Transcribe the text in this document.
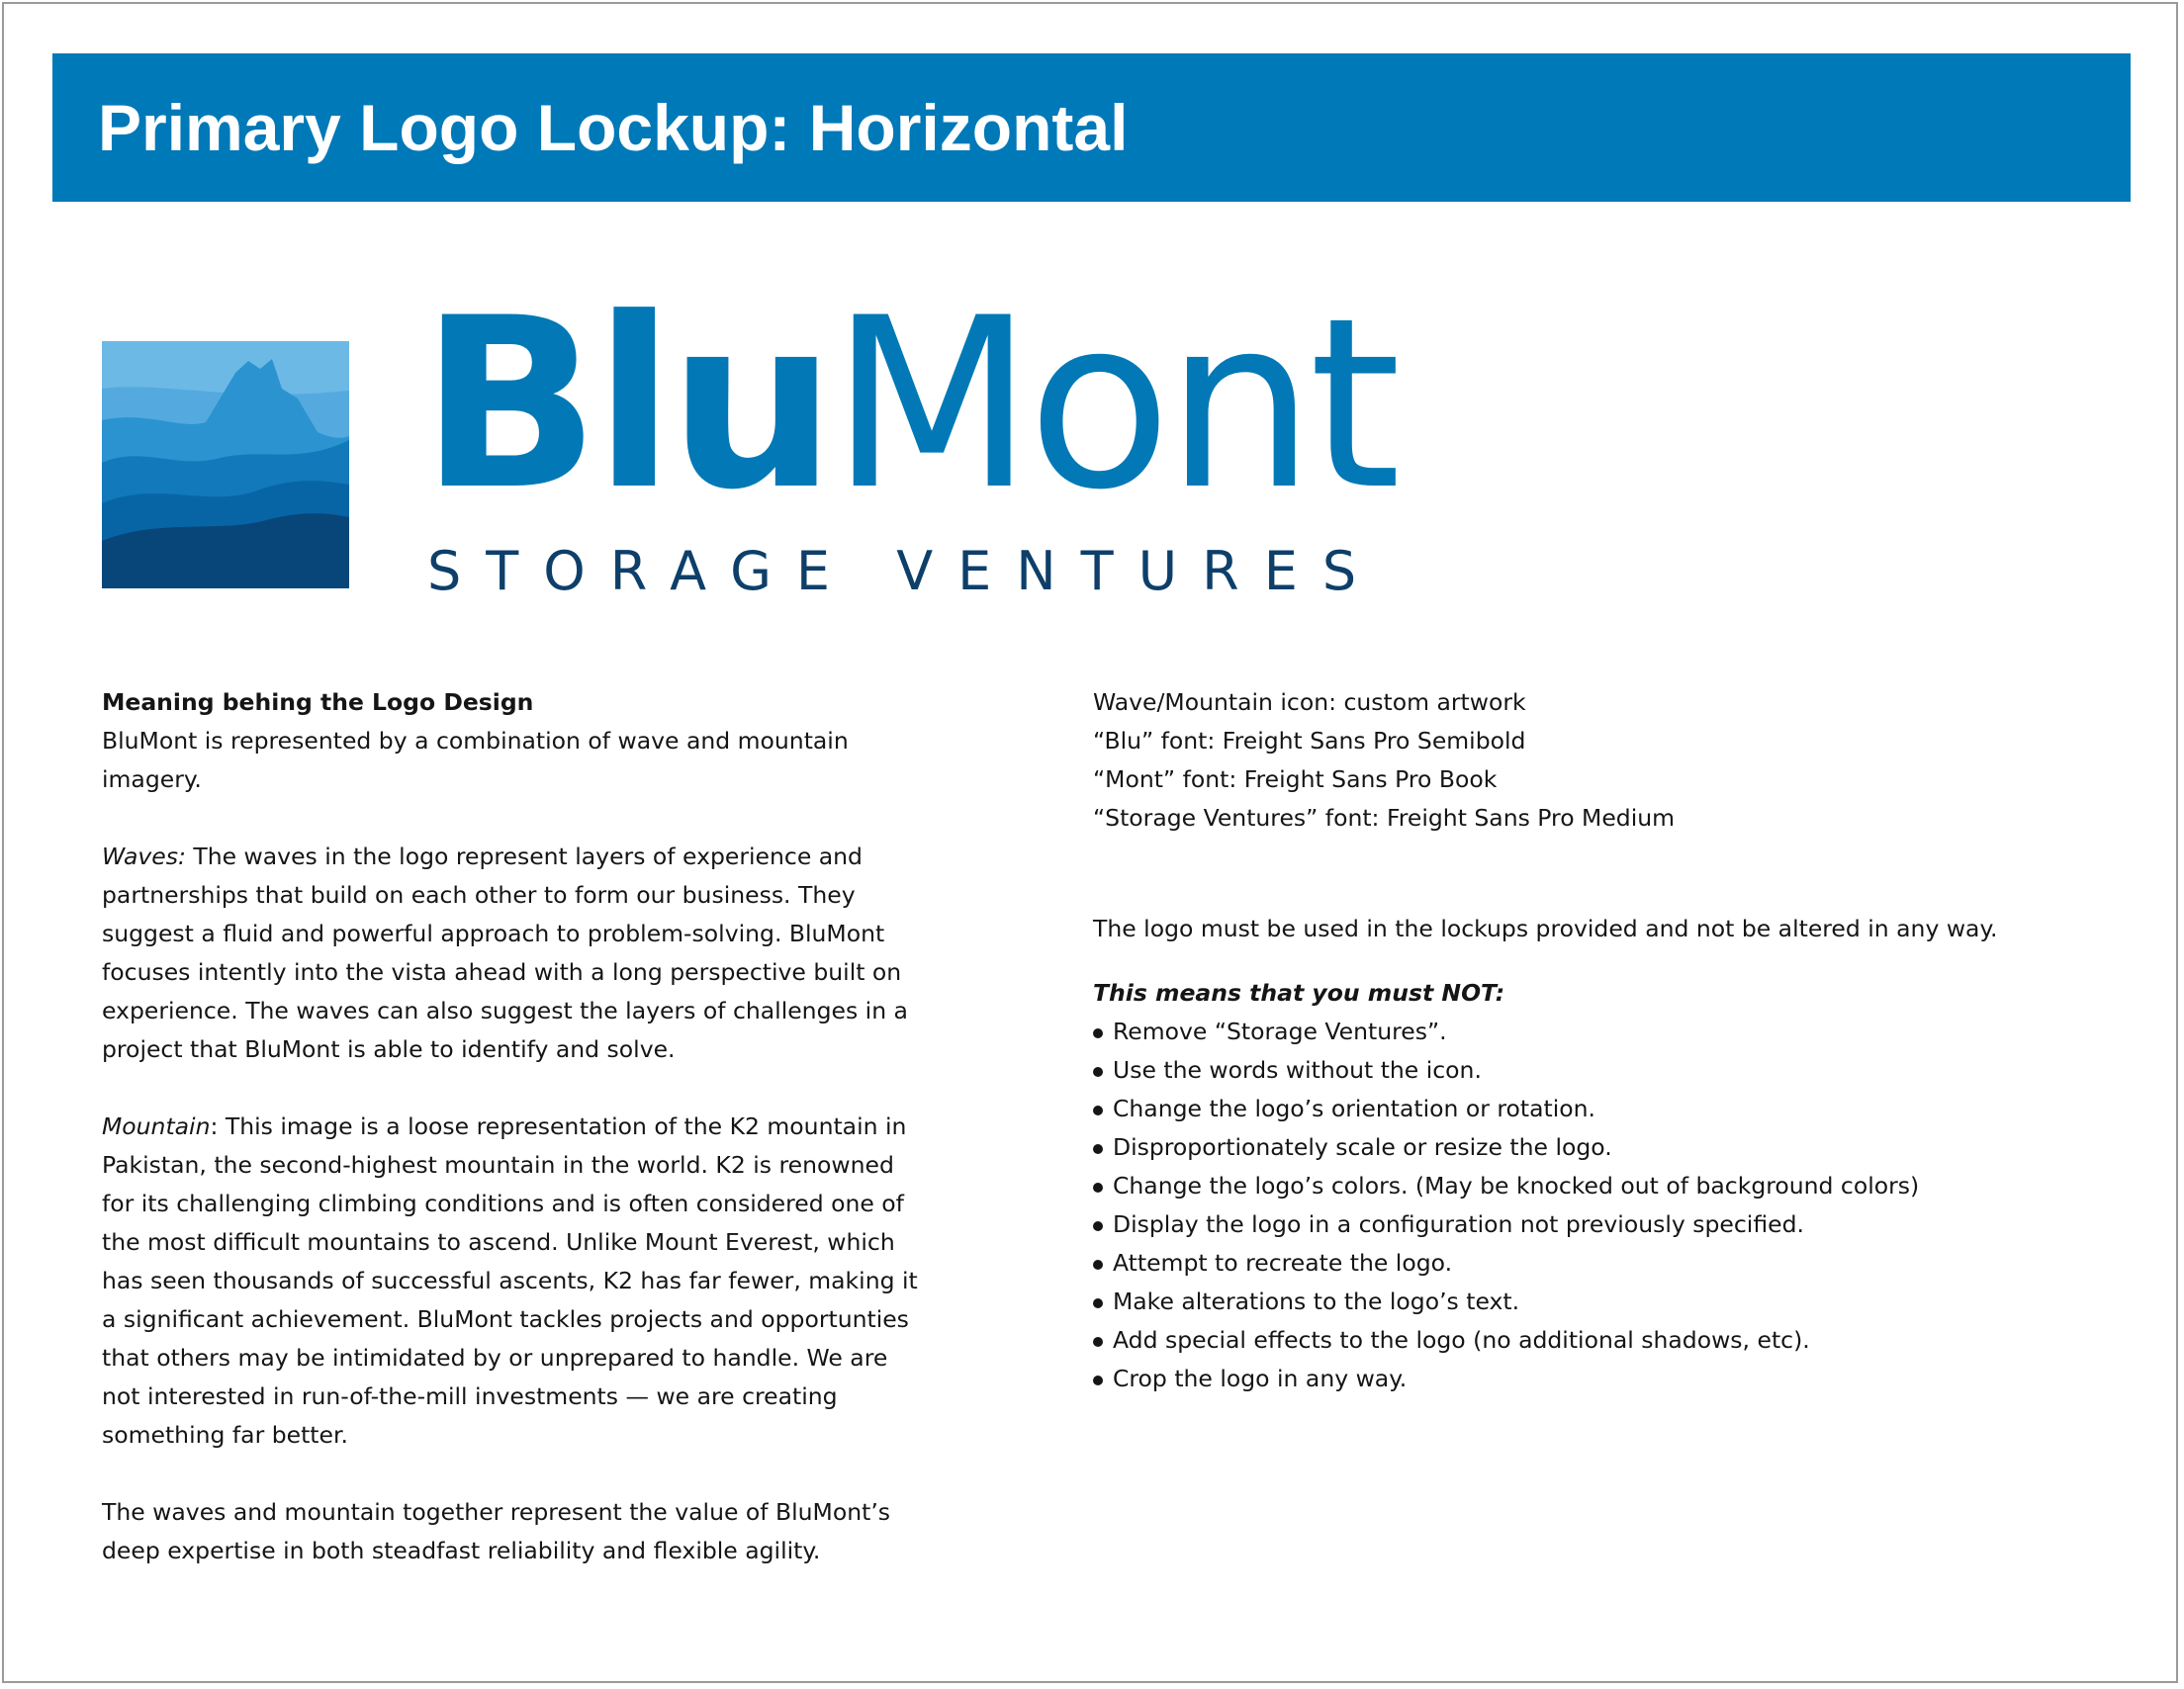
Primary Logo Lockup: Horizontal
BluMont
STORAGE VENTURES

Meaning behing the Logo Design

BluMont is represented by a combination of wave and mountain imagery.

Waves: The waves in the logo represent layers of experience and partnerships that build on each other to form our business. They suggest a fluid and powerful approach to problem-solving. BluMont focuses intently into the vista ahead with a long perspective built on experience. The waves can also suggest the layers of challenges in a project that BluMont is able to identify and solve.

Mountain: This image is a loose representation of the K2 mountain in Pakistan, the second-highest mountain in the world. K2 is renowned for its challenging climbing conditions and is often considered one of the most difficult mountains to ascend. Unlike Mount Everest, which has seen thousands of successful ascents, K2 has far fewer, making it a significant achievement. BluMont tackles projects and opportunties that others may be intimidated by or unprepared to handle. We are not interested in run-of-the-mill investments — we are creating something far better.

The waves and mountain together represent the value of BluMont’s deep expertise in both steadfast reliability and flexible agility.

Wave/Mountain icon: custom artwork

“Blu” font: Freight Sans Pro Semibold

“Mont” font: Freight Sans Pro Book

“Storage Ventures” font: Freight Sans Pro Medium

The logo must be used in the lockups provided and not be altered in any way.

This means that you must NOT:

Remove “Storage Ventures”.
Use the words without the icon.
Change the logo’s orientation or rotation.
Disproportionately scale or resize the logo.
Change the logo’s colors. (May be knocked out of background colors)
Display the logo in a configuration not previously specified.
Attempt to recreate the logo.
Make alterations to the logo’s text.
Add special effects to the logo (no additional shadows, etc).
Crop the logo in any way.
